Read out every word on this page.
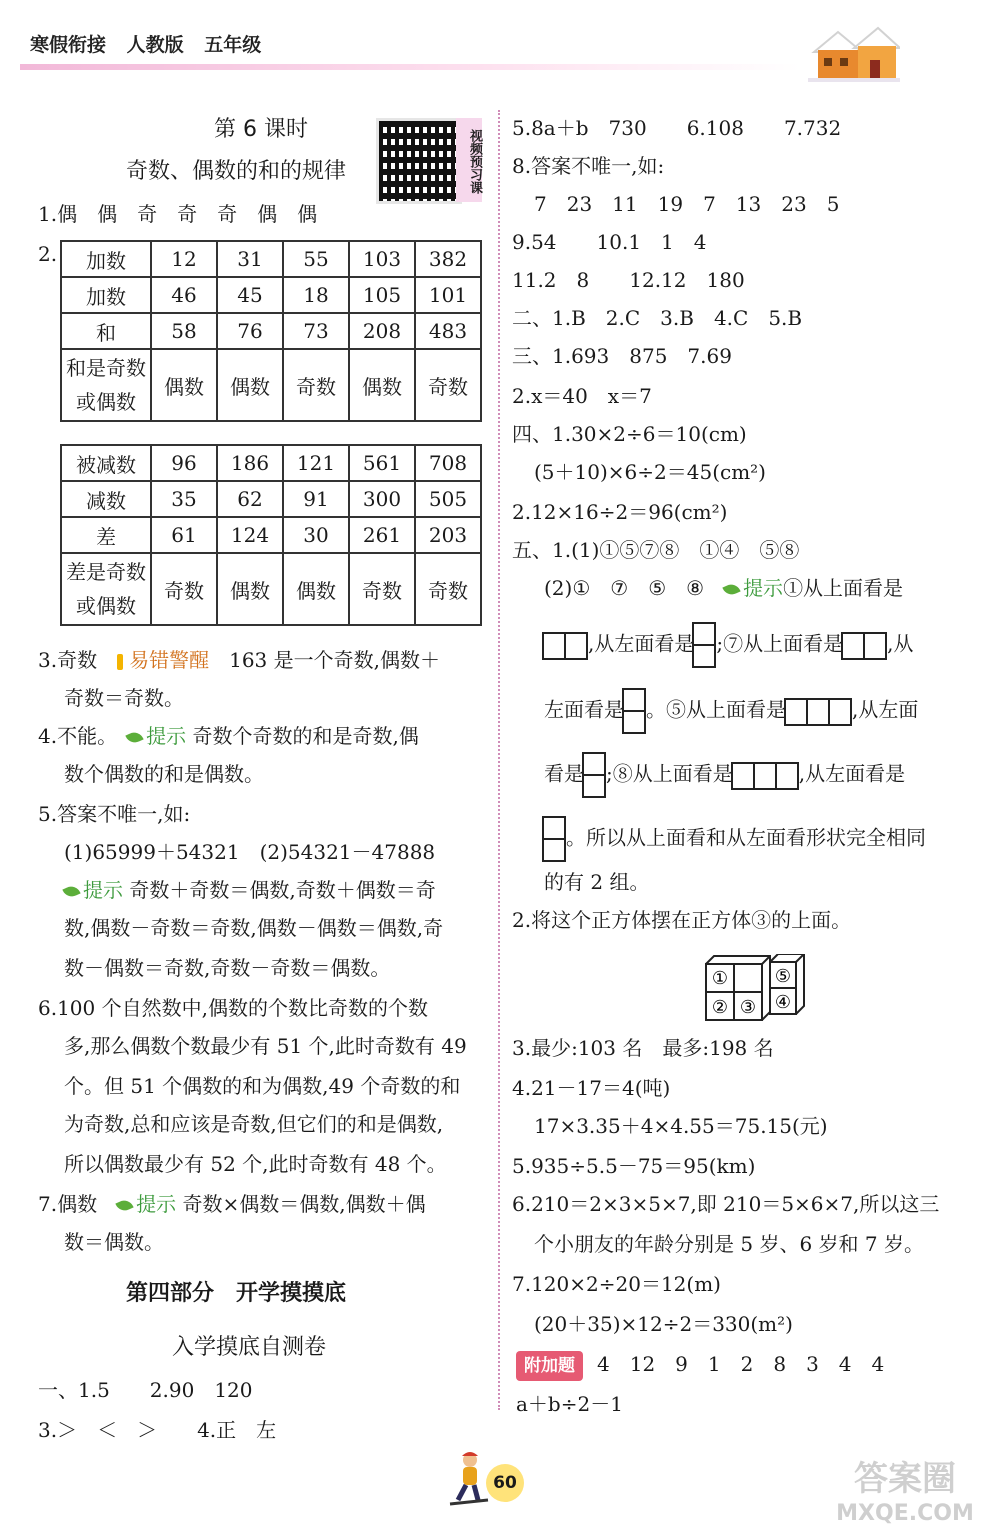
寒假衔接 人教版 五年级
第 6 课时
奇数、偶数的和的规律	视频预习课
1.偶　偶　奇　奇　奇　偶　偶
2. 加数	12	31	55	103	382
加数	46	45	18	105	101
和	58	76	73	208	483
和是奇数
或偶数	偶数	偶数	奇数	偶数	奇数
被减数	96	186	121	561	708
减数	35	62	91	300	505
差	61	124	30	261	203
差是奇数
或偶数	奇数	偶数	偶数	奇数	奇数
3.奇数　 易错警醒　 163 是一个奇数,偶数＋
奇数＝奇数。
4.不能。　 提示 奇数个奇数的和是奇数,偶
数个偶数的和是偶数。
5.答案不唯一,如:
(1)65999＋54321　(2)54321－47888
提示 奇数＋奇数＝偶数,奇数＋偶数＝奇
数,偶数－奇数＝奇数,偶数－偶数＝偶数,奇
数－偶数＝奇数,奇数－奇数＝偶数。
6.100 个自然数中,偶数的个数比奇数的个数
多,那么偶数个数最少有 51 个,此时奇数有 49
个。但 51 个偶数的和为偶数,49 个奇数的和
为奇数,总和应该是奇数,但它们的和是偶数,
所以偶数最少有 52 个,此时奇数有 48 个。
7.偶数　 提示 奇数×偶数＝偶数,偶数＋偶
数＝偶数。
第四部分　开学摸摸底
入学摸底自测卷
一、1.5　　2.90　120
3.＞　＜　＞　　4.正　左
5.8a＋b　730　　6.108　　7.732
8.答案不唯一,如:
7　23　11　19　7　13　23　5
9.54　　10.1　1　4
11.2　8　　12.12　180
二、1.B　2.C　3.B　4.C　5.B
三、1.693　875　7.69
2.x＝40　x＝7
四、1.30×2÷6＝10(cm)
(5＋10)×6÷2＝45(cm²)
2.12×16÷2＝96(cm²)
五、1.(1)①⑤⑦⑧　①④　⑤⑧
(2)①　⑦　⑤　⑧　 提示①从上面看是
,从左面看是 ;⑦从上面看是 ,从
左面看是 。⑤从上面看是	,从左面
看是 ;⑧从上面看是	,从左面看是
。所以从上面看和从左面看形状完全相同
的有 2 组。
2.将这个正方体摆在正方体③的上面。
①
② ③ ④
⑤
3.最少:103 名　最多:198 名
4.21－17＝4(吨)
17×3.35＋4×4.55＝75.15(元)
5.935÷5.5－75＝95(km)
6.210＝2×3×5×7,即 210＝5×6×7,所以这三
个小朋友的年龄分别是 5 岁、6 岁和 7 岁。
7.120×2÷20＝12(m)
(20＋35)×12÷2＝330(m²)
附加题 4　12　9　1　2　8　3　4　4
a＋b÷2－1
60	答案圈
MXQE.COM
